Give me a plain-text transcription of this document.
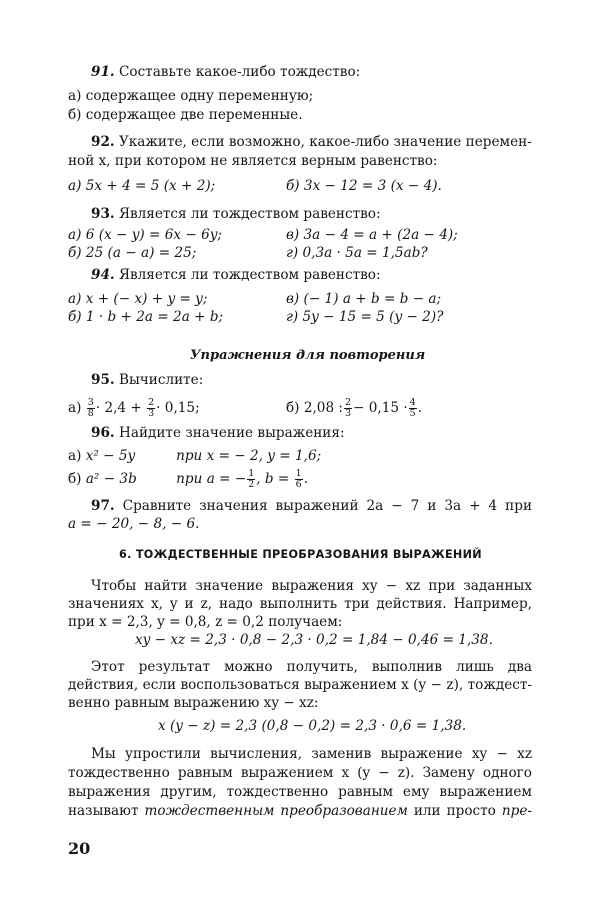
91. Составьте какое-либо тождество:
а) содержащее одну переменную;
б) содержащее две переменные.
92. Укажите, если возможно, какое-либо значение перемен-
ной x, при котором не является верным равенство:
а) 5x + 4 = 5 (x + 2);	б) 3x − 12 = 3 (x − 4).
93. Является ли тождеством равенство:
а) 6 (x − y) = 6x − 6y;	в) 3a − 4 = a + (2a − 4);
б) 25 (a − a) = 25;	г) 0,3a · 5a = 1,5ab?
94. Является ли тождеством равенство:
а) x + (− x) + y = y;	в) (− 1) a + b = b − a;
б) 1 · b + 2a = 2a + b;	г) 5y − 15 = 5 (y − 2)?
Упражнения для повторения
95. Вычислите:
$а) \frac{3}{8} \cdot 2,4 + \frac{2}{3} \cdot 0,15$;	б) 2,08 : $\frac{2}{3} - 0,15 \cdot \frac{4}{5}$ .
96. Найдите значение выражения:
а) x² − 5y	при x = − 2, y = 1,6;
б) a² − 3b	при a = − $\frac{1}{2}$ , $b = \frac{1}{6}$ .
97. Сравните значения выражений 2a − 7 и 3a + 4 при
a = − 20, − 8, − 6.
6. ТОЖДЕСТВЕННЫЕ ПРЕОБРАЗОВАНИЯ ВЫРАЖЕНИЙ
Чтобы найти значение выражения xy − xz при заданных
значениях x, y и z, надо выполнить три действия. Например,
при x = 2,3, y = 0,8, z = 0,2 получаем:
xy − xz = 2,3 · 0,8 − 2,3 · 0,2 = 1,84 − 0,46 = 1,38.
Этот результат можно получить, выполнив лишь два
действия, если воспользоваться выражением x (y − z), тождест-
венно равным выражению xy − xz:
x (y − z) = 2,3 (0,8 − 0,2) = 2,3 · 0,6 = 1,38.
Мы упростили вычисления, заменив выражение xy − xz
тождественно равным выражением x (y − z). Замену одного
выражения другим, тождественно равным ему выражением
называют тождественным преобразованием или просто пре-
20
